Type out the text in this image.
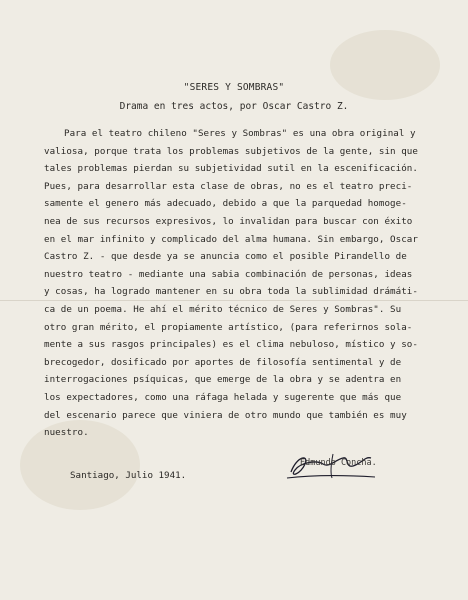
"SERES Y SOMBRAS"
Drama en tres actos, por Oscar Castro Z.
Para el teatro chileno "Seres y Sombras" es una obra original y
valiosa, porque trata los problemas subjetivos de la gente, sin que
tales problemas pierdan su subjetividad sutil en la escenificación.
Pues, para desarrollar esta clase de obras, no es el teatro preci-
samente el genero más adecuado, debido a que la parquedad homoge-
nea de sus recursos expresivos, lo invalidan para buscar con éxito
en el mar infinito y complicado del alma humana. Sin embargo, Oscar
Castro Z. - que desde ya se anuncia como el posible Pirandello de
nuestro teatro - mediante una sabia combinación de personas, ideas
y cosas, ha logrado mantener en su obra toda la sublimidad drámáti-
ca de un poema. He ahí el mérito técnico de Seres y Sombras". Su
otro gran mérito, el propiamente artístico, (para referirnos sola-
mente a sus rasgos principales) es el clima nebuloso, místico y so-
brecogedor, dosificado por aportes de filosofía sentimental y de
interrogaciones psíquicas, que emerge de la obra y se adentra en
los expectadores, como una ráfaga helada y sugerente que más que
del escenario parece que viniera de otro mundo que también es muy
nuestro.
Edmundo Concha.
Santiago, Julio 1941.
